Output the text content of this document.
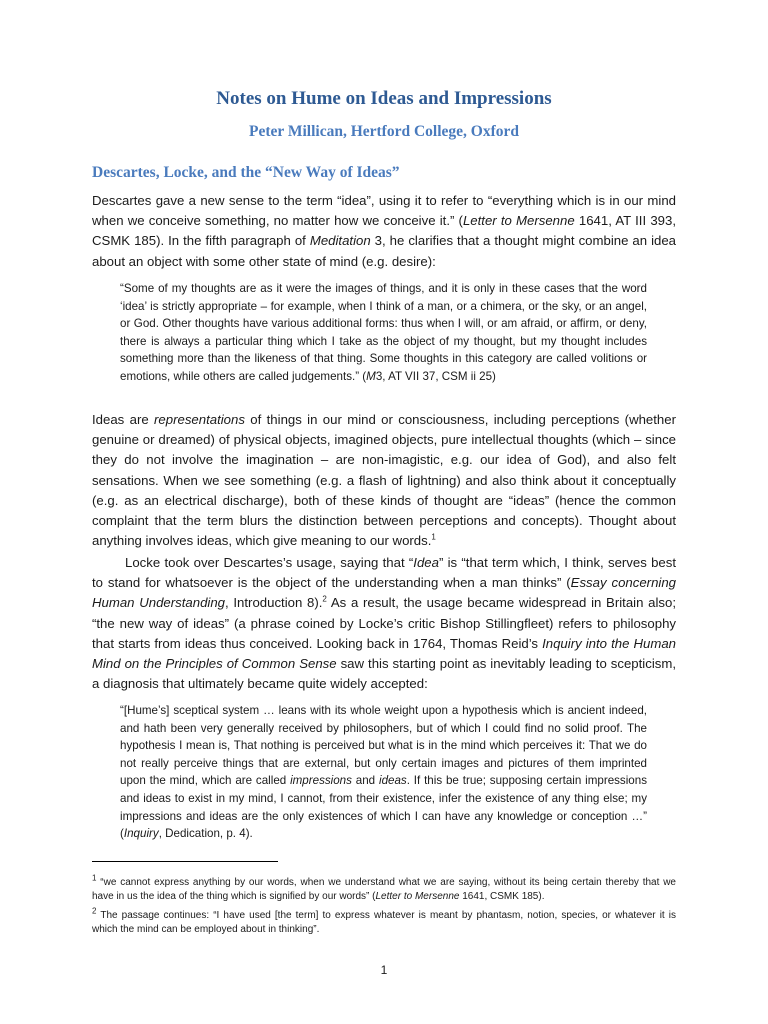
Notes on Hume on Ideas and Impressions
Peter Millican, Hertford College, Oxford
Descartes, Locke, and the “New Way of Ideas”

Descartes gave a new sense to the term “idea”, using it to refer to “everything which is in our mind when we conceive something, no matter how we conceive it.” (Letter to Mersenne 1641, AT III 393, CSMK 185). In the fifth paragraph of Meditation 3, he clarifies that a thought might combine an idea about an object with some other state of mind (e.g. desire):

“Some of my thoughts are as it were the images of things, and it is only in these cases that the word ‘idea’ is strictly appropriate – for example, when I think of a man, or a chimera, or the sky, or an angel, or God. Other thoughts have various additional forms: thus when I will, or am afraid, or affirm, or deny, there is always a particular thing which I take as the object of my thought, but my thought includes something more than the likeness of that thing. Some thoughts in this category are called volitions or emotions, while others are called judgements.” (M3, AT VII 37, CSM ii 25)

Ideas are representations of things in our mind or consciousness, including perceptions (whether genuine or dreamed) of physical objects, imagined objects, pure intellectual thoughts (which – since they do not involve the imagination – are non-imagistic, e.g. our idea of God), and also felt sensations. When we see something (e.g. a flash of lightning) and also think about it conceptually (e.g. as an electrical discharge), both of these kinds of thought are “ideas” (hence the common complaint that the term blurs the distinction between perceptions and concepts). Thought about anything involves ideas, which give meaning to our words.$^1$

Locke took over Descartes’s usage, saying that “Idea” is “that term which, I think, serves best to stand for whatsoever is the object of the understanding when a man thinks” (Essay concerning Human Understanding, Introduction 8).$^2$ As a result, the usage became widespread in Britain also; “the new way of ideas” (a phrase coined by Locke’s critic Bishop Stillingfleet) refers to philosophy that starts from ideas thus conceived. Looking back in 1764, Thomas Reid’s Inquiry into the Human Mind on the Principles of Common Sense saw this starting point as inevitably leading to scepticism, a diagnosis that ultimately became quite widely accepted:

“[Hume’s] sceptical system … leans with its whole weight upon a hypothesis which is ancient indeed, and hath been very generally received by philosophers, but of which I could find no solid proof. The hypothesis I mean is, That nothing is perceived but what is in the mind which perceives it: That we do not really perceive things that are external, but only certain images and pictures of them imprinted upon the mind, which are called impressions and ideas. If this be true; supposing certain impressions and ideas to exist in my mind, I cannot, from their existence, infer the existence of any thing else; my impressions and ideas are the only existences of which I can have any knowledge or conception …” (Inquiry, Dedication, p. 4).

$^1$ “we cannot express anything by our words, when we understand what we are saying, without its being certain thereby that we have in us the idea of the thing which is signified by our words” (Letter to Mersenne 1641, CSMK 185).

$^2$ The passage continues: “I have used [the term] to express whatever is meant by phantasm, notion, species, or whatever it is which the mind can be employed about in thinking”.

1
